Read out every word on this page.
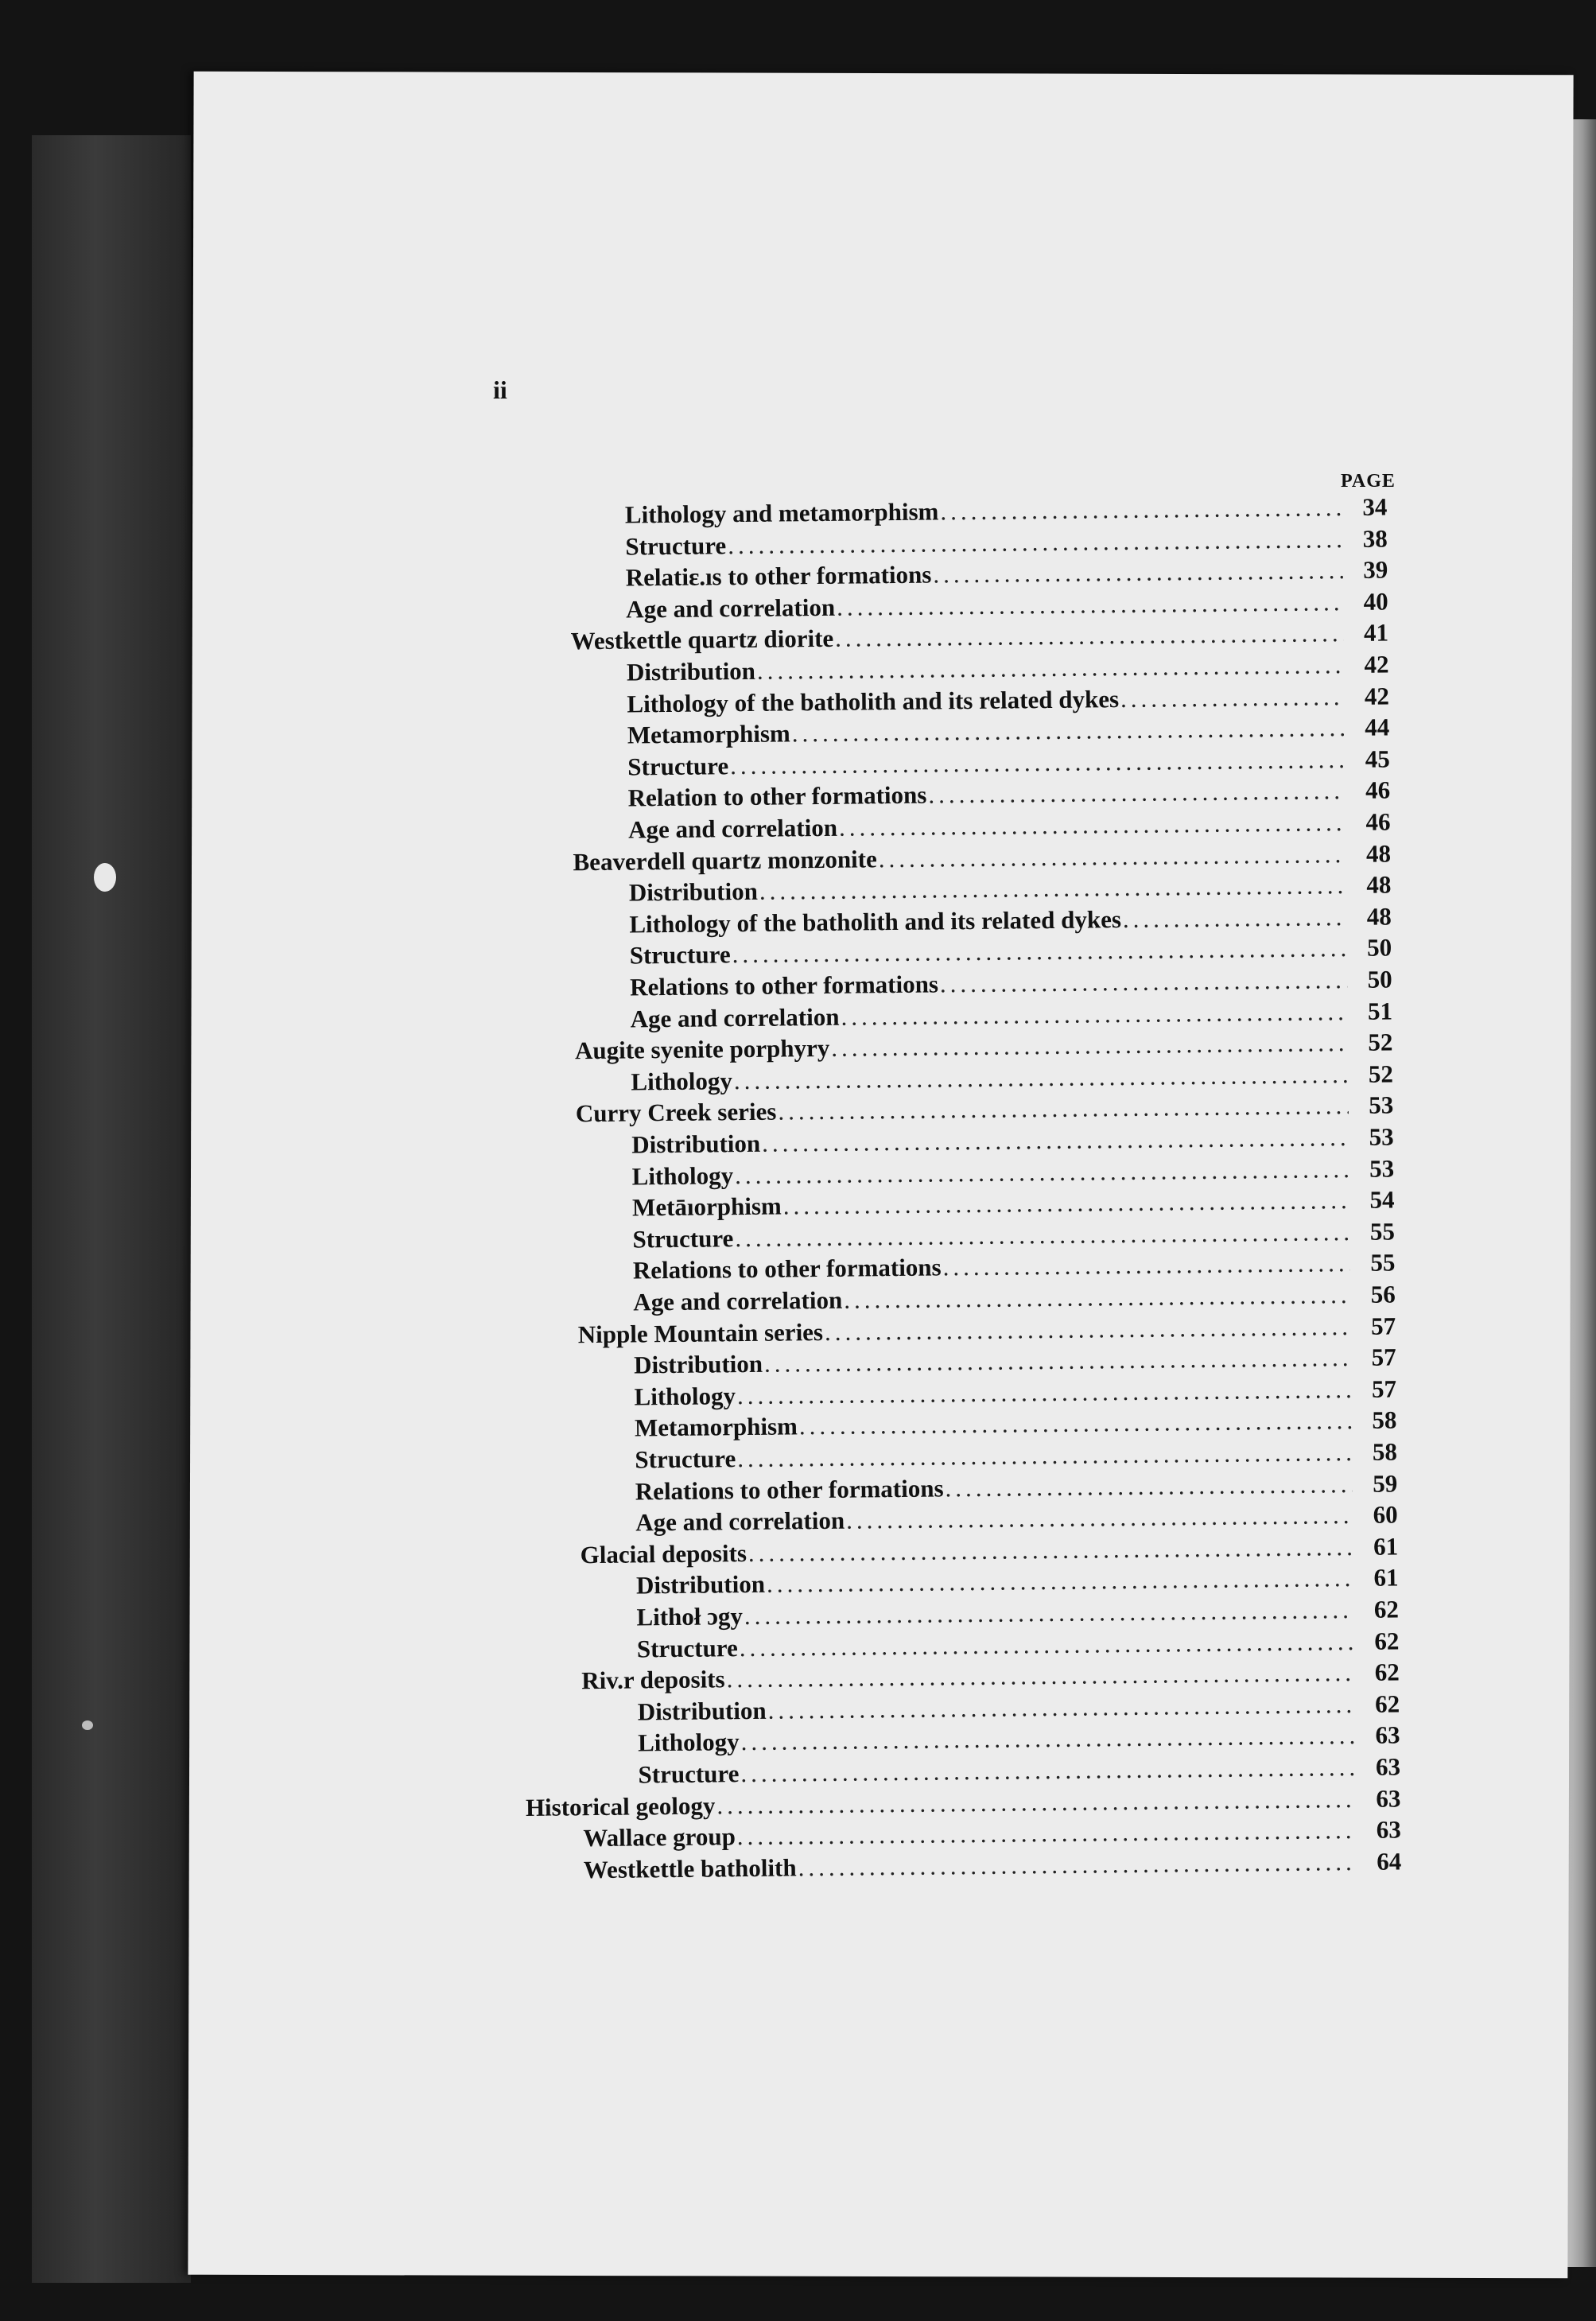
ii
PAGE
Lithology and metamorphism .....	34
Structure .....	38
Relatiɛ.ıs to other formations .....	39
Age and correlation .....	40
Westkettle quartz diorite .....	41
Distribution .....	42
Lithology of the batholith and its related dykes .....	42
Metamorphism .....	44
Structure .....	45
Relation to other formations .....	46
Age and correlation .....	46
Beaverdell quartz monzonite .....	48
Distribution .....	48
Lithology of the batholith and its related dykes .....	48
Structure .....	50
Relations to other formations .....	50
Age and correlation .....	51
Augite syenite porphyry .....	52
Lithology .....	52
Curry Creek series .....	53
Distribution .....	53
Lithology .....	53
Metāıorphism .....	54
Structure .....	55
Relations to other formations .....	55
Age and correlation .....	56
Nipple Mountain series .....	57
Distribution .....	57
Lithology .....	57
Metamorphism .....	58
Structure .....	58
Relations to other formations .....	59
Age and correlation .....	60
Glacial deposits .....	61
Distribution .....	61
Lithoł ɔgy .....	62
Structure .....	62
Riv.r deposits .....	62
Distribution .....	62
Lithology .....	63
Structure .....	63
Historical geology .....	63
Wallace group .....	63
Westkettle batholith .....	64
